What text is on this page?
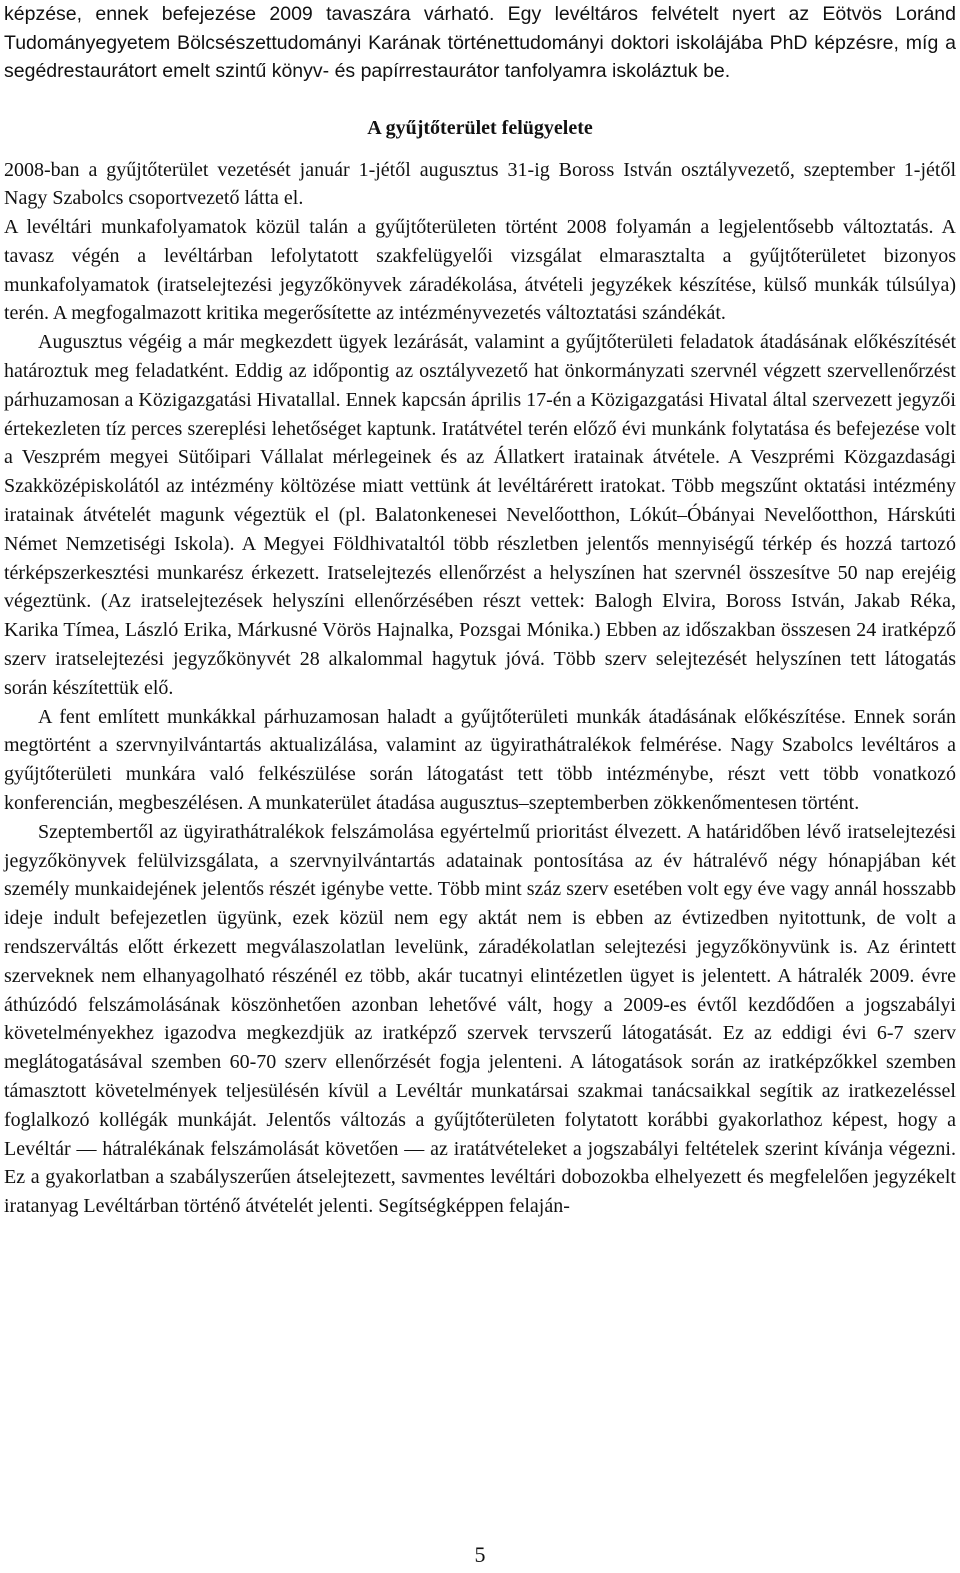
képzése, ennek befejezése 2009 tavaszára várható. Egy levéltáros felvételt nyert az Eötvös Loránd Tudományegyetem Bölcsészettudományi Karának történettudományi doktori iskolájába PhD képzésre, míg a segédrestaurátort emelt szintű könyv- és papírrestaurátor tanfolyamra iskoláztuk be.

A gyűjtőterület felügyelete

2008-ban a gyűjtőterület vezetését január 1-jétől augusztus 31-ig Boross István osztályvezető, szeptember 1-jétől Nagy Szabolcs csoportvezető látta el.

A levéltári munkafolyamatok közül talán a gyűjtőterületen történt 2008 folyamán a legjelentősebb változtatás. A tavasz végén a levéltárban lefolytatott szakfelügyelői vizsgálat elmarasztalta a gyűjtőterületet bizonyos munkafolyamatok (iratselejtezési jegyzőkönyvek záradékolása, átvételi jegyzékek készítése, külső munkák túlsúlya) terén. A megfogalmazott kritika megerősítette az intézményvezetés változtatási szándékát.

Augusztus végéig a már megkezdett ügyek lezárását, valamint a gyűjtőterületi feladatok átadásának előkészítését határoztuk meg feladatként. Eddig az időpontig az osztályvezető hat önkormányzati szervnél végzett szervellenőrzést párhuzamosan a Közigazgatási Hivatallal. Ennek kapcsán április 17-én a Közigazgatási Hivatal által szervezett jegyzői értekezleten tíz perces szereplési lehetőséget kaptunk. Iratátvétel terén előző évi munkánk folytatása és befejezése volt a Veszprém megyei Sütőipari Vállalat mérlegeinek és az Állatkert iratainak átvétele. A Veszprémi Közgazdasági Szakközépiskolától az intézmény költözése miatt vettünk át levéltárérett iratokat. Több megszűnt oktatási intézmény iratainak átvételét magunk végeztük el (pl. Balatonkenesei Nevelőotthon, Lókút–Óbányai Nevelőotthon, Hárskúti Német Nemzetiségi Iskola). A Megyei Földhivataltól több részletben jelentős mennyiségű térkép és hozzá tartozó térképszerkesztési munkarész érkezett. Iratselejtezés ellenőrzést a helyszínen hat szervnél összesítve 50 nap erejéig végeztünk. (Az iratselejtezések helyszíni ellenőrzésében részt vettek: Balogh Elvira, Boross István, Jakab Réka, Karika Tímea, László Erika, Márkusné Vörös Hajnalka, Pozsgai Mónika.) Ebben az időszakban összesen 24 iratképző szerv iratselejtezési jegyzőkönyvét 28 alkalommal hagytuk jóvá. Több szerv selejtezését helyszínen tett látogatás során készítettük elő.

A fent említett munkákkal párhuzamosan haladt a gyűjtőterületi munkák átadásának előkészítése. Ennek során megtörtént a szervnyilvántartás aktualizálása, valamint az ügyirathátralékok felmérése. Nagy Szabolcs levéltáros a gyűjtőterületi munkára való felkészülése során látogatást tett több intézménybe, részt vett több vonatkozó konferencián, megbeszélésen. A munkaterület átadása augusztus–szeptemberben zökkenőmentesen történt.

Szeptembertől az ügyirathátralékok felszámolása egyértelmű prioritást élvezett. A határidőben lévő iratselejtezési jegyzőkönyvek felülvizsgálata, a szervnyilvántartás adatainak pontosítása az év hátralévő négy hónapjában két személy munkaidejének jelentős részét igénybe vette. Több mint száz szerv esetében volt egy éve vagy annál hosszabb ideje indult befejezetlen ügyünk, ezek közül nem egy aktát nem is ebben az évtizedben nyitottunk, de volt a rendszerváltás előtt érkezett megválaszolatlan levelünk, záradékolatlan selejtezési jegyzőkönyvünk is. Az érintett szerveknek nem elhanyagolható részénél ez több, akár tucatnyi elintézetlen ügyet is jelentett. A hátralék 2009. évre áthúzódó felszámolásának köszönhetően azonban lehetővé vált, hogy a 2009-es évtől kezdődően a jogszabályi követelményekhez igazodva megkezdjük az iratképző szervek tervszerű látogatását. Ez az eddigi évi 6-7 szerv meglátogatásával szemben 60-70 szerv ellenőrzését fogja jelenteni. A látogatások során az iratképzőkkel szemben támasztott követelmények teljesülésén kívül a Levéltár munkatársai szakmai tanácsaikkal segítik az iratkezeléssel foglalkozó kollégák munkáját. Jelentős változás a gyűjtőterületen folytatott korábbi gyakorlathoz képest, hogy a Levéltár — hátralékának felszámolását követően — az iratátvételeket a jogszabályi feltételek szerint kívánja végezni. Ez a gyakorlatban a szabályszerűen átselejtezett, savmentes levéltári dobozokba elhelyezett és megfelelően jegyzékelt iratanyag Levéltárban történő átvételét jelenti. Segítségképpen felaján-

5
